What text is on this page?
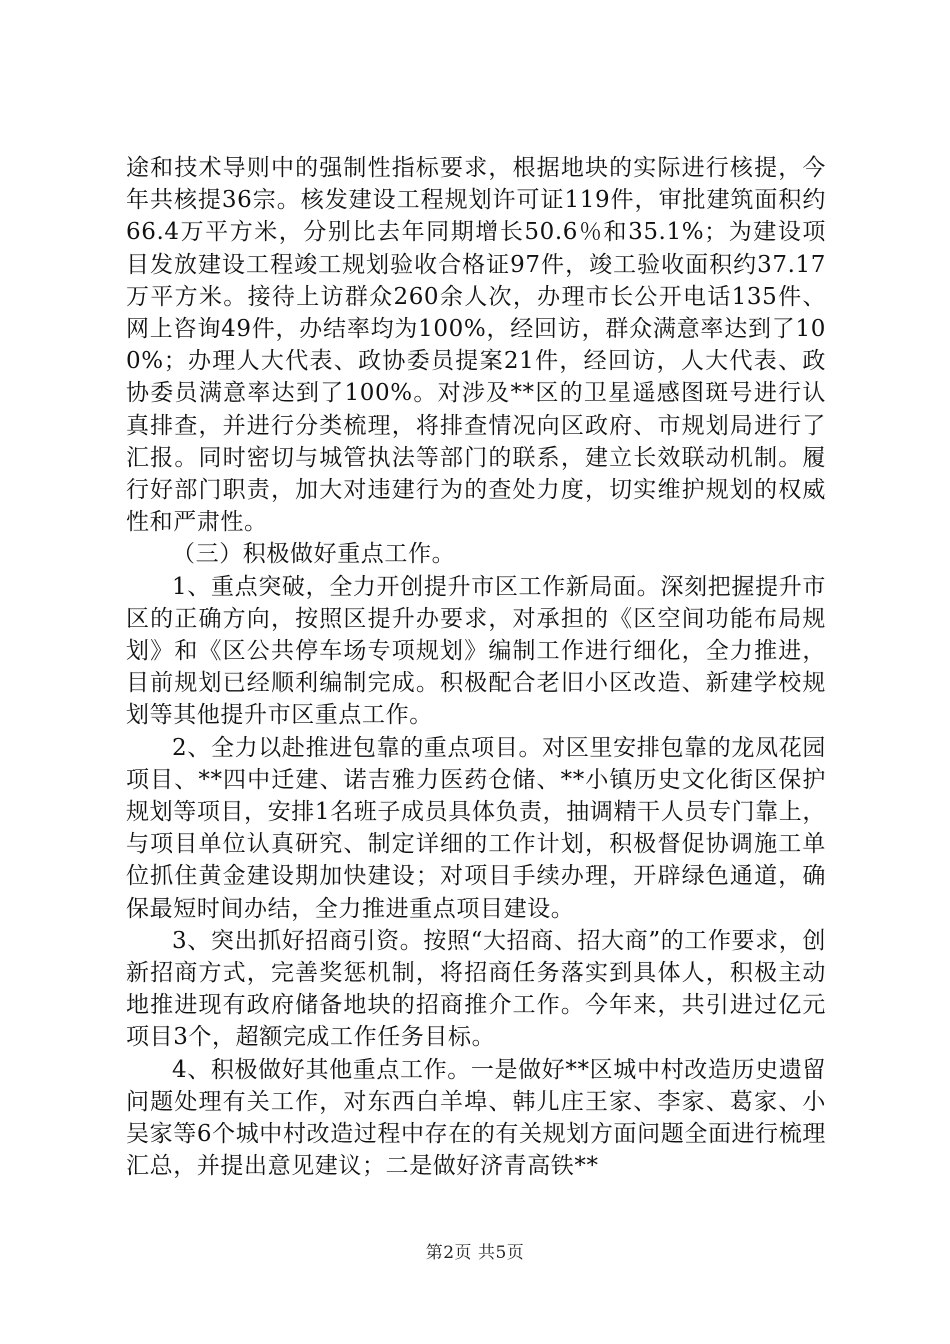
途和技术导则中的强制性指标要求，根据地块的实际进行核提，今年共核提36宗。核发建设工程规划许可证119件，审批建筑面积约66.4万平方米，分别比去年同期增长50.6％和35.1%；为建设项目发放建设工程竣工规划验收合格证97件，竣工验收面积约37.17万平方米。接待上访群众260余人次，办理市长公开电话135件、网上咨询49件，办结率均为100%，经回访，群众满意率达到了100%；办理人大代表、政协委员提案21件，经回访，人大代表、政协委员满意率达到了100%。对涉及**区的卫星遥感图斑号进行认真排查，并进行分类梳理，将排查情况向区政府、市规划局进行了汇报。同时密切与城管执法等部门的联系，建立长效联动机制。履行好部门职责，加大对违建行为的查处力度，切实维护规划的权威性和严肃性。

（三）积极做好重点工作。

1、重点突破，全力开创提升市区工作新局面。深刻把握提升市区的正确方向，按照区提升办要求，对承担的《区空间功能布局规划》和《区公共停车场专项规划》编制工作进行细化，全力推进，目前规划已经顺利编制完成。积极配合老旧小区改造、新建学校规划等其他提升市区重点工作。

2、全力以赴推进包靠的重点项目。对区里安排包靠的龙凤花园项目、**四中迁建、诺吉雅力医药仓储、**小镇历史文化街区保护规划等项目，安排1名班子成员具体负责，抽调精干人员专门靠上，与项目单位认真研究、制定详细的工作计划，积极督促协调施工单位抓住黄金建设期加快建设；对项目手续办理，开辟绿色通道，确保最短时间办结，全力推进重点项目建设。

3、突出抓好招商引资。按照“大招商、招大商”的工作要求，创新招商方式，完善奖惩机制，将招商任务落实到具体人，积极主动地推进现有政府储备地块的招商推介工作。今年来，共引进过亿元项目3个，超额完成工作任务目标。

4、积极做好其他重点工作。一是做好**区城中村改造历史遗留问题处理有关工作，对东西白羊埠、韩儿庄王家、李家、葛家、小吴家等6个城中村改造过程中存在的有关规划方面问题全面进行梳理汇总，并提出意见建议；二是做好济青高铁**

第2页 共5页
